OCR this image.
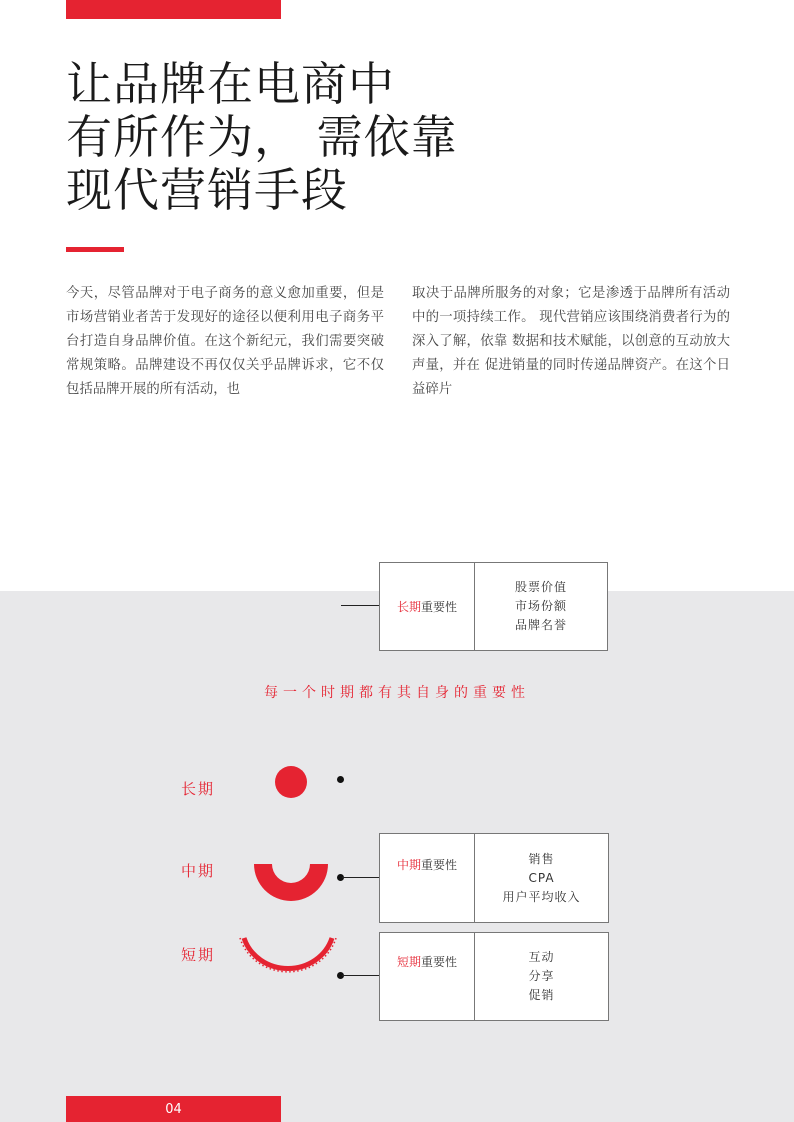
让品牌在电商中
有所作为， 需依靠
现代营销手段
今天，尽管品牌对于电子商务的意义愈加重要，但是市场营销业者苦于发现好的途径以便利用电子商务平台打造自身品牌价值。在这个新纪元，我们需要突破常规策略。品牌建设不再仅仅关乎品牌诉求，它不仅包括品牌开展的所有活动，也
取决于品牌所服务的对象；它是渗透于品牌所有活动中的一项持续工作。 现代营销应该围绕消费者行为的深入了解，依靠 数据和技术赋能，以创意的互动放大声量，并在 促进销量的同时传递品牌资产。在这个日益碎片
长期 重要性
股票价值
市场份额
品牌名誉
每一个时期都有其自身的重要性
长期
中期
短期
中期 重要性	销售
CPA
用户平均收入
短期 重要性	互动
分享
促销
04
